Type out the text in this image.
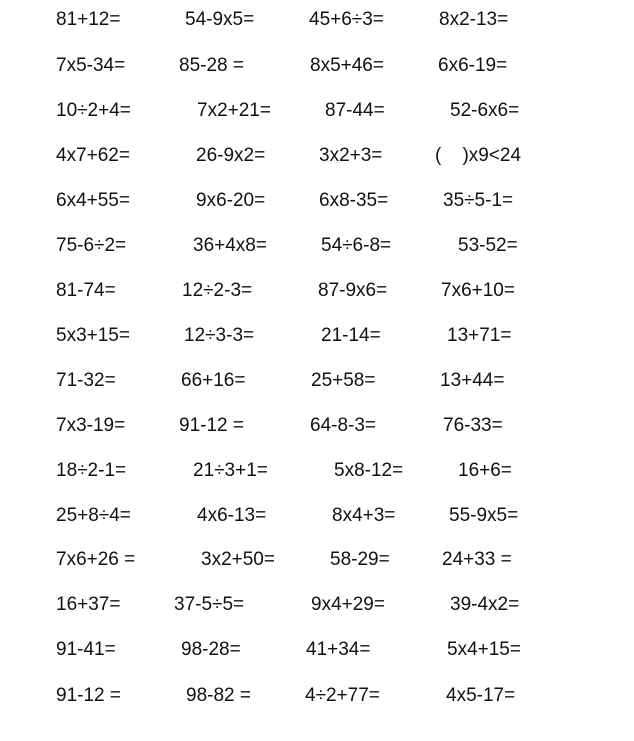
81+12=	54-9x5=	45+6÷3=	8x2-13=
7x5-34=	85-28 =	8x5+46=	6x6-19=
10÷2+4=	7x2+21=	87-44=	52-6x6=
4x7+62=	26-9x2=	3x2+3=	(    )x9<24
6x4+55=	9x6-20=	6x8-35=	35÷5-1=
75-6÷2=	36+4x8=	54÷6-8=	53-52=
81-74=	12÷2-3=	87-9x6=	7x6+10=
5x3+15=	12÷3-3=	21-14=	13+71=
71-32=	66+16=	25+58=	13+44=
7x3-19=	91-12 =	64-8-3=	76-33=
18÷2-1=	21÷3+1=	5x8-12=	16+6=
25+8÷4=	4x6-13=	8x4+3=	55-9x5=
7x6+26 =	3x2+50=	58-29=	24+33 =
16+37=	37-5÷5=	9x4+29=	39-4x2=
91-41=	98-28=	41+34=	5x4+15=
91-12 =	98-82 =	4÷2+77=	4x5-17=
